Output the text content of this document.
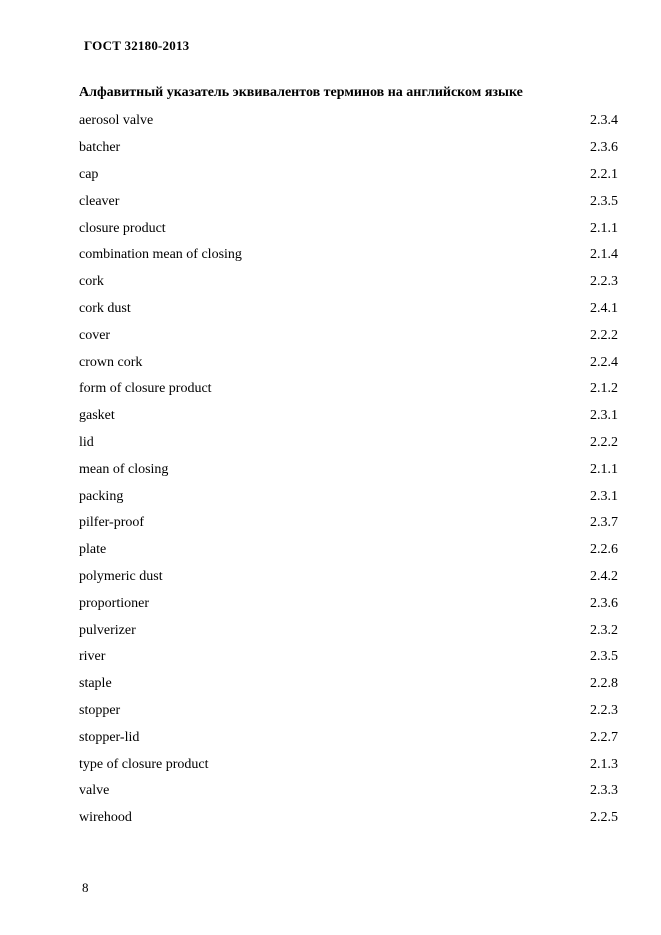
ГОСТ 32180-2013
Алфавитный указатель эквивалентов терминов на английском языке
aerosol valve	2.3.4
batcher	2.3.6
cap	2.2.1
cleaver	2.3.5
closure product	2.1.1
combination mean of closing	2.1.4
cork	2.2.3
cork dust	2.4.1
cover	2.2.2
crown cork	2.2.4
form of closure product	2.1.2
gasket	2.3.1
lid	2.2.2
mean of closing	2.1.1
packing	2.3.1
pilfer-proof	2.3.7
plate	2.2.6
polymeric dust	2.4.2
proportioner	2.3.6
pulverizer	2.3.2
river	2.3.5
staple	2.2.8
stopper	2.2.3
stopper-lid	2.2.7
type of closure product	2.1.3
valve	2.3.3
wirehood	2.2.5
8
